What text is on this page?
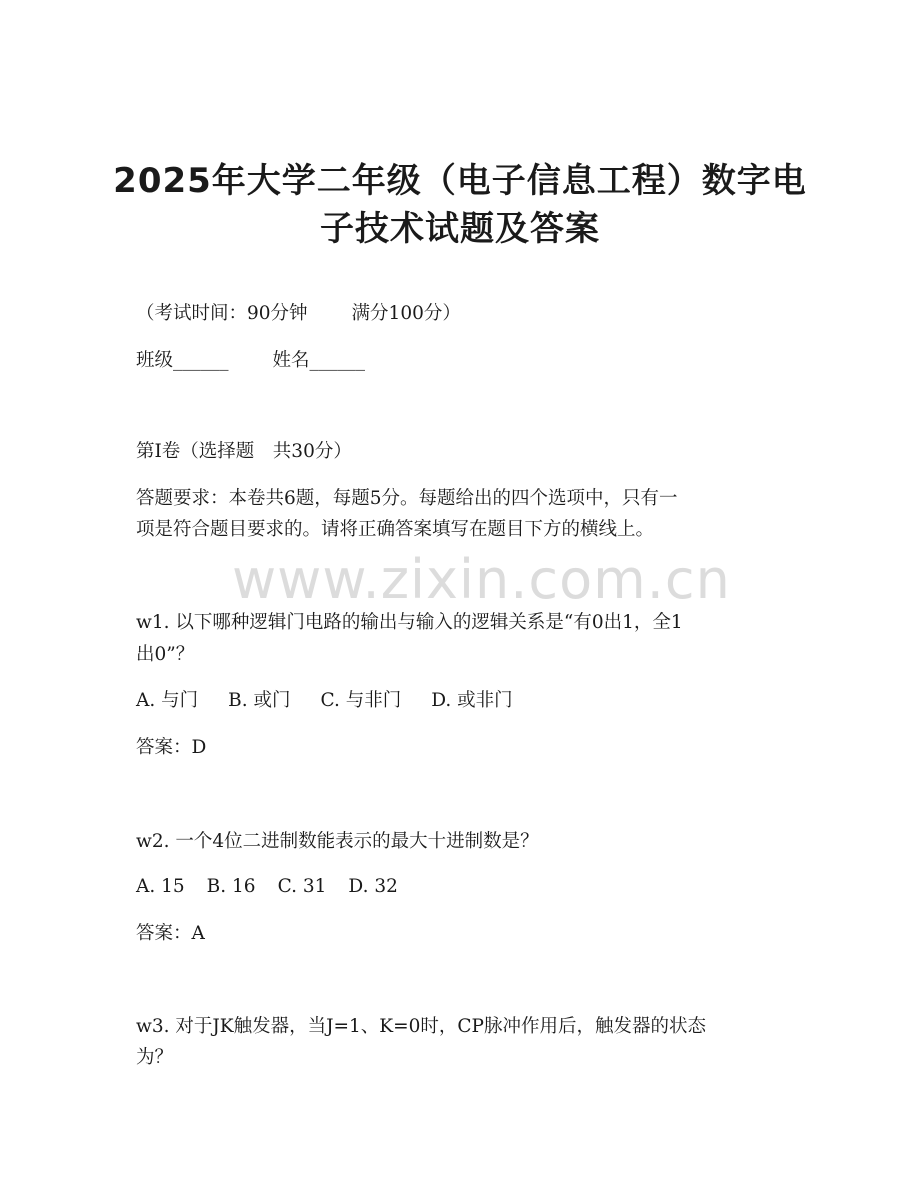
2025年大学二年级（电子信息工程）数字电
子技术试题及答案
（考试时间：90分钟 满分100分）
班级______ 姓名______
第I卷（选择题　共30分）
答题要求：本卷共6题，每题5分。每题给出的四个选项中，只有一
项是符合题目要求的。请将正确答案填写在题目下方的横线上。
www.zixin.com.cn
w1. 以下哪种逻辑门电路的输出与输入的逻辑关系是“有0出1，全1
出0”？
A. 与门 B. 或门 C. 与非门 D. 或非门
答案：D
w2. 一个4位二进制数能表示的最大十进制数是？
A. 15 B. 16 C. 31 D. 32
答案：A
w3. 对于JK触发器，当J=1、K=0时，CP脉冲作用后，触发器的状态
为？
